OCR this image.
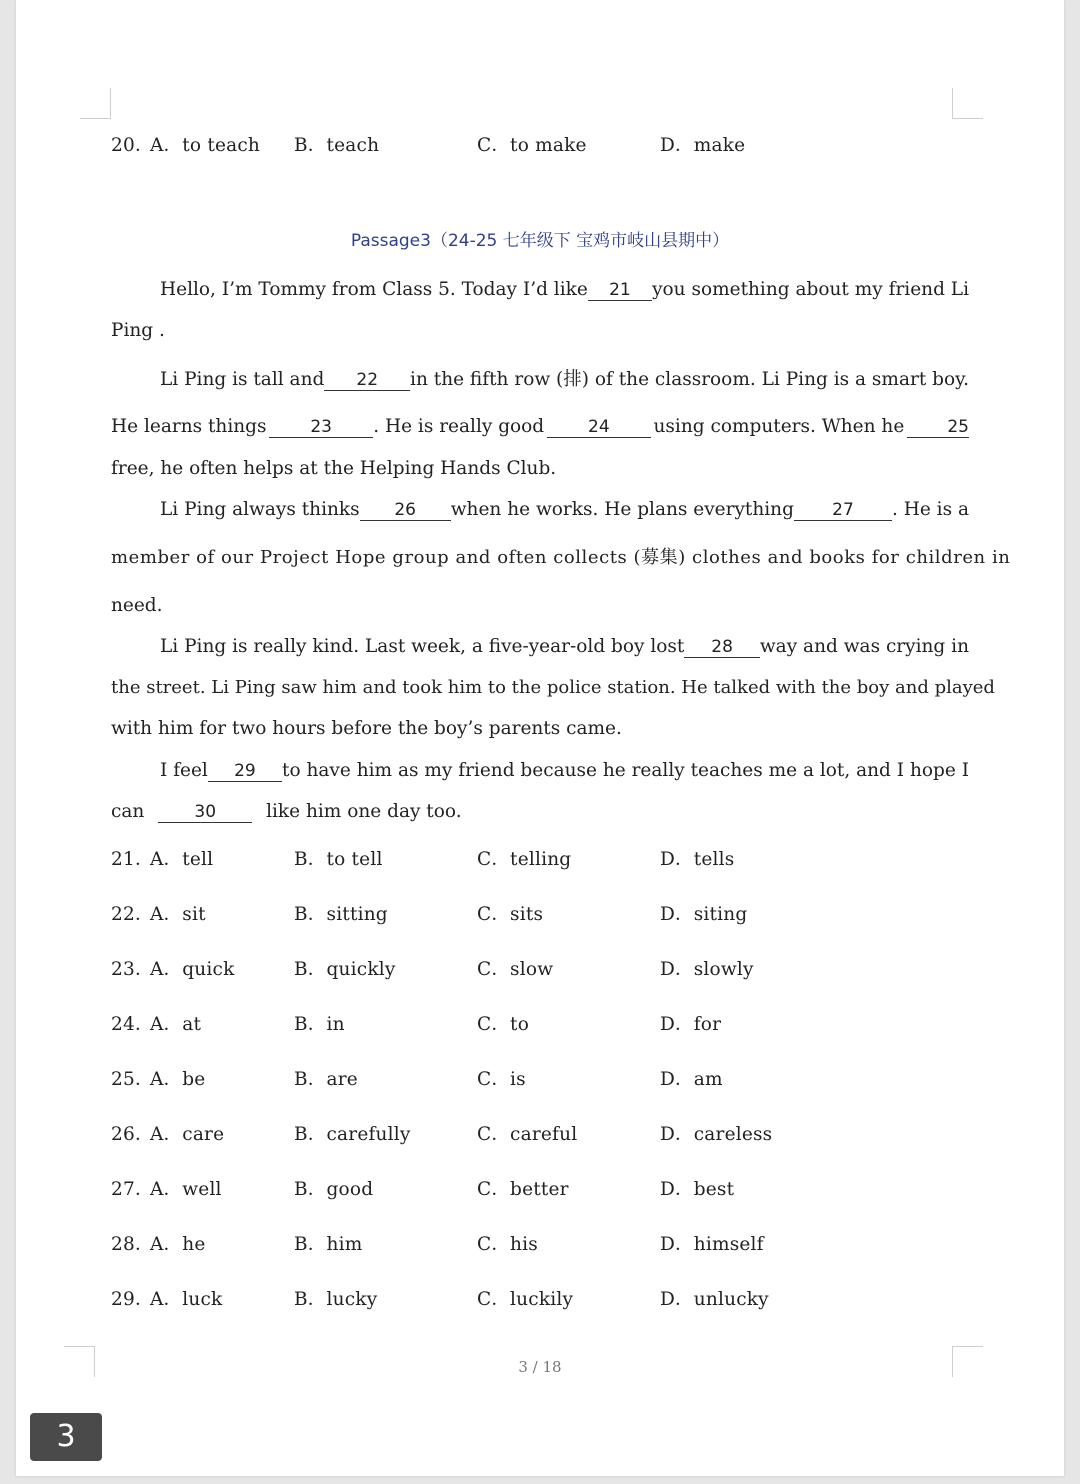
20．
A．to teach B．teach	C．to make	D．make
Passage3（24-25 七年级下 宝鸡市岐山县期中）
Hello, I’m Tommy from Class 5. Today I’d like	21	you something about my friend Li
Ping .
Li Ping is tall and	22	in the fifth row (排) of the classroom. Li Ping is a smart boy.
He learns things	23	. He is really good	24	using computers. When he	25
free, he often helps at the Helping Hands Club.
Li Ping always thinks	26	when he works. He plans everything	27	. He is a
member of our Project Hope group and often collects (募集) clothes and books for children in
need.
Li Ping is really kind. Last week, a five-year-old boy lost	28	way and was crying in
the street. Li Ping saw him and took him to the police station. He talked with the boy and played
with him for two hours before the boy’s parents came.
I feel	29	to have him as my friend because he really teaches me a lot, and I hope I
can	30	like him one day too.
21．
A．tell	B．to tell	C．telling	D．tells
22．
A．sit	B．sitting	C．sits	D．siting
23．
A．quick	B．quickly	C．slow	D．slowly
24．
A．at	B．in	C．to	D．for
25．
A．be	B．are	C．is	D．am
26．
A．care	B．carefully	C．careful	D．careless
27．
A．well	B．good	C．better	D．best
28．
A．he	B．him	C．his	D．himself
29．
A．luck	B．lucky	C．luckily	D．unlucky
3 / 18
3
